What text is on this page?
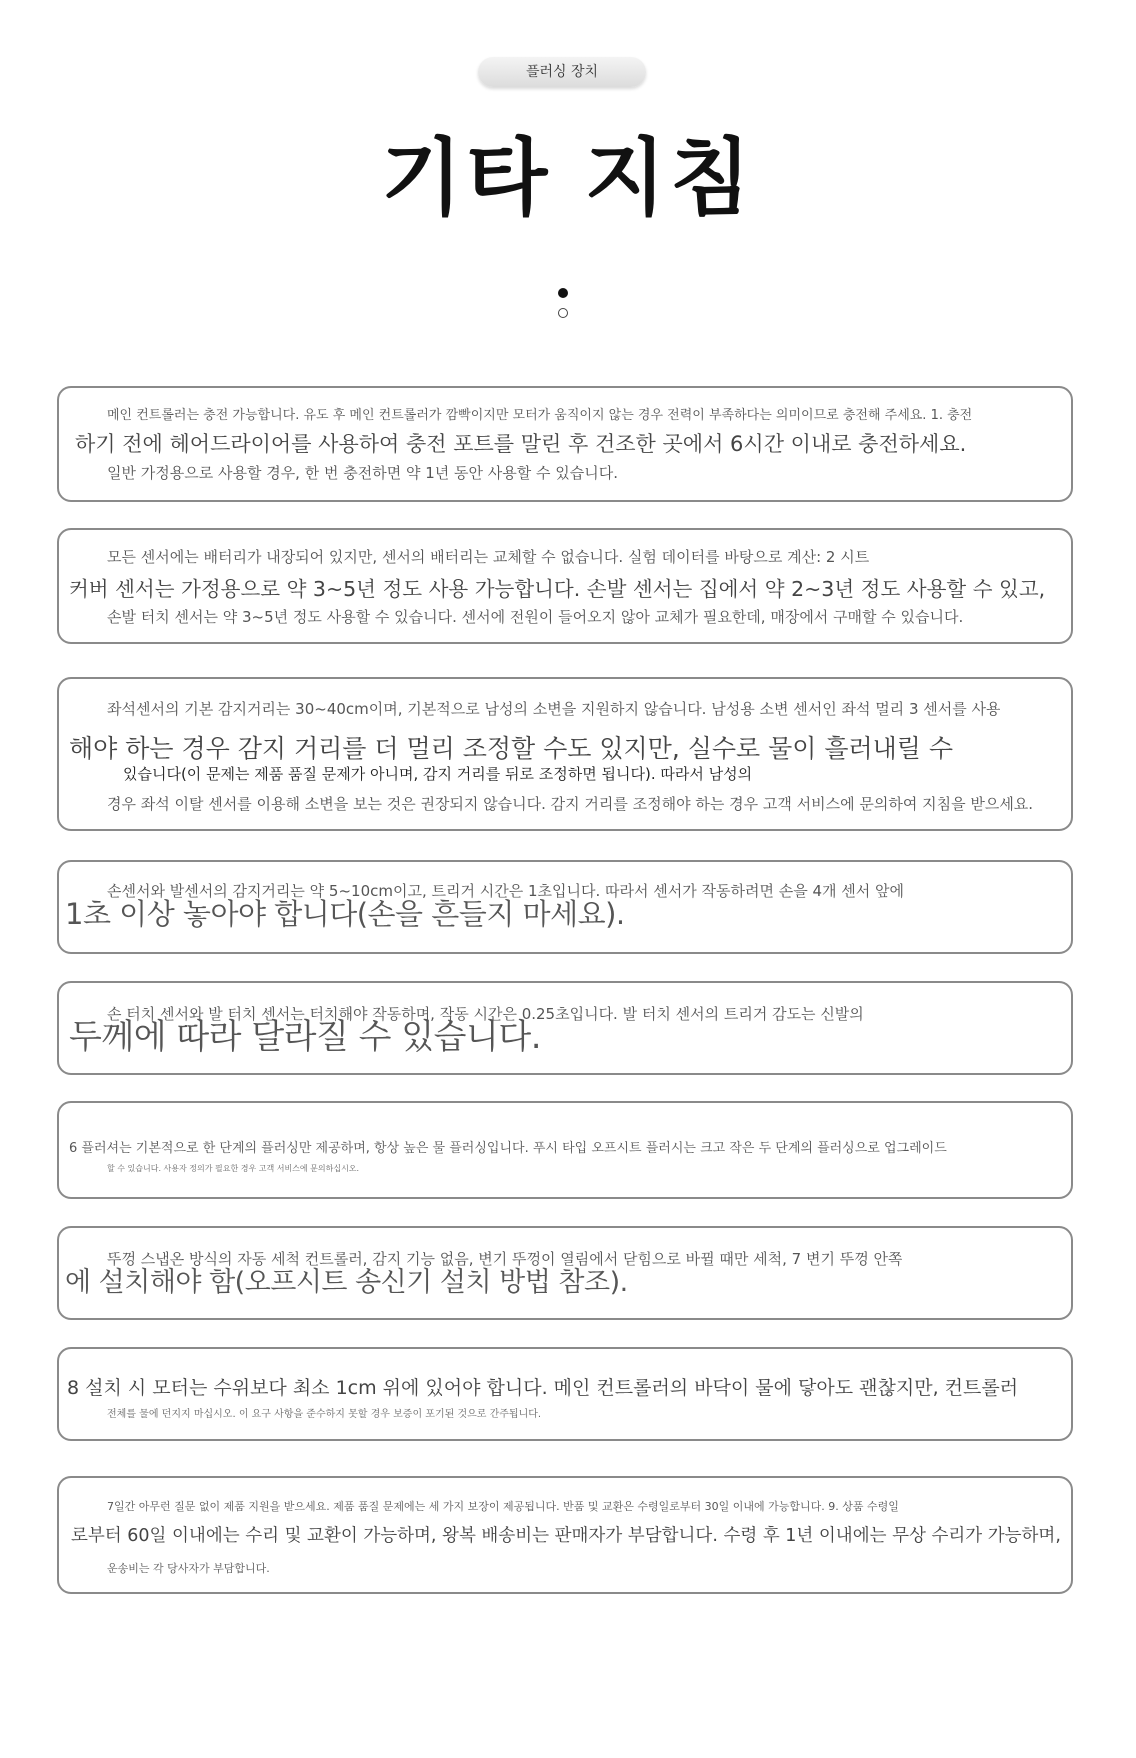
플러싱 장치
기타 지침
메인 컨트롤러는 충전 가능합니다. 유도 후 메인 컨트롤러가 깜빡이지만 모터가 움직이지 않는 경우 전력이 부족하다는 의미이므로 충전해 주세요. 1. 충전
하기 전에 헤어드라이어를 사용하여 충전 포트를 말린 후 건조한 곳에서 6시간 이내로 충전하세요.
일반 가정용으로 사용할 경우, 한 번 충전하면 약 1년 동안 사용할 수 있습니다.
모든 센서에는 배터리가 내장되어 있지만, 센서의 배터리는 교체할 수 없습니다. 실험 데이터를 바탕으로 계산: 2 시트
커버 센서는 가정용으로 약 3~5년 정도 사용 가능합니다. 손발 센서는 집에서 약 2~3년 정도 사용할 수 있고,
손발 터치 센서는 약 3~5년 정도 사용할 수 있습니다. 센서에 전원이 들어오지 않아 교체가 필요한데, 매장에서 구매할 수 있습니다.
좌석센서의 기본 감지거리는 30~40cm이며, 기본적으로 남성의 소변을 지원하지 않습니다. 남성용 소변 센서인 좌석 멀리 3 센서를 사용
해야 하는 경우 감지 거리를 더 멀리 조정할 수도 있지만, 실수로 물이 흘러내릴 수
있습니다(이 문제는 제품 품질 문제가 아니며, 감지 거리를 뒤로 조정하면 됩니다). 따라서 남성의
경우 좌석 이탈 센서를 이용해 소변을 보는 것은 권장되지 않습니다. 감지 거리를 조정해야 하는 경우 고객 서비스에 문의하여 지침을 받으세요.
손센서와 발센서의 감지거리는 약 5~10cm이고, 트리거 시간은 1초입니다. 따라서 센서가 작동하려면 손을 4개 센서 앞에
1초 이상 놓아야 합니다(손을 흔들지 마세요).
손 터치 센서와 발 터치 센서는 터치해야 작동하며, 작동 시간은 0.25초입니다. 발 터치 센서의 트리거 감도는 신발의
두께에 따라 달라질 수 있습니다.
6 플러셔는 기본적으로 한 단계의 플러싱만 제공하며, 항상 높은 물 플러싱입니다. 푸시 타입 오프시트 플러시는 크고 작은 두 단계의 플러싱으로 업그레이드
할 수 있습니다. 사용자 정의가 필요한 경우 고객 서비스에 문의하십시오.
뚜껑 스냅온 방식의 자동 세척 컨트롤러, 감지 기능 없음, 변기 뚜껑이 열림에서 닫힘으로 바뀔 때만 세척, 7 변기 뚜껑 안쪽
에 설치해야 함(오프시트 송신기 설치 방법 참조).
8 설치 시 모터는 수위보다 최소 1cm 위에 있어야 합니다. 메인 컨트롤러의 바닥이 물에 닿아도 괜찮지만, 컨트롤러
전체를 물에 던지지 마십시오. 이 요구 사항을 준수하지 못할 경우 보증이 포기된 것으로 간주됩니다.
7일간 아무런 질문 없이 제품 지원을 받으세요. 제품 품질 문제에는 세 가지 보장이 제공됩니다. 반품 및 교환은 수령일로부터 30일 이내에 가능합니다. 9. 상품 수령일
로부터 60일 이내에는 수리 및 교환이 가능하며, 왕복 배송비는 판매자가 부담합니다. 수령 후 1년 이내에는 무상 수리가 가능하며,
운송비는 각 당사자가 부담합니다.
